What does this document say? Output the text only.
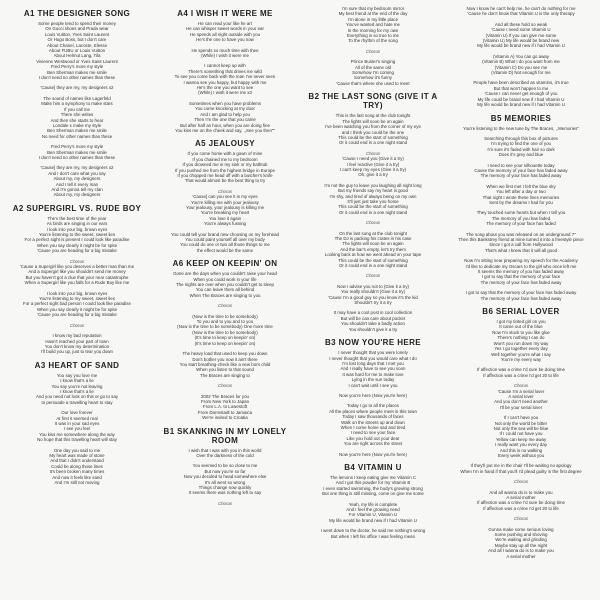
A1 THE DESIGNER SONG
Some people tend to spend their money
On Gucci shoes and Prada wear
Louis Vuitton, Yves Saint Laurent
Or Hugo Boss, but I don't care
About Chanel, Lacoste, Elesse
About FUBU or Louis Vuitton
About Helmut Lang, Tila
Vivienne Westwood or Yves Saint Laurent
Fred Perry's more my style
Ben Sherman makes me smile
I don't need no other names than these
'Cause] they are my, my designers x2
The sound of names like Lagerfeld
Make him a symphony to make stars
If you call me
There she writes
And then she starts to hear
Londale x make my style
Ben Sherman makes me smile
No need for other names than these
Fred Perry's more my style
Ben Sherman makes me smile
I don't need no other names than these
'Cause] they are my, my designers x2
And I don't care what you say
About my, my designers
And I tell it every man
And I'm gonna tell my clan
About my, my designers
A2 SUPERGIRL VS. RUDE BOY
The's the best time of the year
As birds are singing in our ears
I look into your big, brown eyes
You're listening to the sweet, sweet lies
For a perfect sight is present I could look like paradise
When you say clearly it might be for spite
'Cause you are heading for a big mistake
Chorus
'Cause a Supergirl like you deserves a better man than me
And a Supergirl like you shouldn't send me money
But you haven't got a clue that your near catastrophe
When a Supergirl like you falls for a Rude Boy like me
I look into your big, brown eyes
You're listening to my sweet, sweet lies
For a perfect sight bad person I could look like paradise
When you say clearly it might be for spite
'Cause you are heading for a big mistake
Chorus
I know my bad reputation
Hasn't reached your part of town
You don't know my determination
I'll build you up, just to tear you down
A3 HEART OF SAND
You say you love me
I know that's a lie
You say you're not leaving
I know that's a lie
And you need not look on this or go to say
to persuade a travelling heart to stay
Our love forever
At first it seemed real
It was in your sad eyes
I see you feel
You kiss me somewhere along the way
No hope that this travelling heart will stay
One day you said to me
My heart was made of stone
And that I didn't understand
Could be along those lines
It's been broken many times
And now it feels like sand
And I'm still not moving
A4 I WISH IT WERE ME
He can read your like he art
He can whisper sweet words in your ear
He spends all night outside with you
He's the one to have you now
He spends so much time with thee
(While) I wish it were me
I cannot keep up with
There's something that drives me wild
To see you come back with the man I've never seen
I wanna see you happy, but happy with me
He's the one you want to see
(While) I wish it were me x3
Sometimes when you have problems
You come knocking at my door
And I am glad to help you
Then I'm the one that you came
But after half an hour, when you are doing fine
You kiss me on the cheek and say, ,,See you then""
A5 JEALOUSY
If you come home with a gown of mine
If you chained me to my bedroom
If you drowned me in my sink or my bathtub
If you pushed me from the highest bridge in Europe
If you chopped me head off with a butcher's knife
That would almost be the best thing to try
Chorus
'Cause] can you see it in my eyes
You're killing me with your jealousy
Your jealousy, your jealousy is killing me
You're breaking my heart
You lose it again
You're always fussing
You could tell your brand new choosing on my forehead
You could paint yourself all over my body
You could do one or two all those things to me
the effect would be the same
A6 KEEP ON KEEPIN' ON
Gone are the days when you couldn't raise your head
When you could work in your life
The nights are over when you couldn't get to sleep
You can leave them all behind
When The Braces are singing to you
Chorus
(Now is the time to be somebody)
To you and to you and to you
(Now is the time to be somebody) One more time
(Now is the time to be somebody)
(It's time to keep on keepin' on)
(It's time to keep on keepin' on)
The heavy load that used to keep you down
Don't bother you now it ain't there
You start breathing-check like a new born child
When you listen to that sound
The Braces are singing to
Chorus
2002 The Braces for you
From New York to Japan
From L.A. to Lowestoft
From Darmstadt to Jamaica
We're invited to Croatia
B1 SKANKING IN MY LONELY ROOM
I wish that I was with you in this world
Over the darkness of the cold
You seemed to be so close to me
But now you're so far
Now you decided to head somewhere else
It's all went so wrong
Things change now quickly
It seems there was nothing left to say
Chorus
I'm sure that my bedroom mirror
My best friend at the end of the day
I'm alone in my little place
You've wanted and hate me
In the morning for my own
Everything is so true to me
To the rhythm of the song
Chorus
Prince Buster's singing
All of the same old
Somehow I'm coming
Somehow it's funny
'Cause that's where she used to meet
B2 THE LAST SONG (GIVE IT A TRY)
This is the last song at the club tonight
The lights will soon be on again
I've been watching you from the corner of my eye
and I think you could be the one
This could be the start of something
Or it could end in a one night stand
Chorus
'Cause I need you (Give it a try)
I feel reactive (Give it a try)
I can't keep my eyes (Give it a try)
Oh, give it a try
I'm not the guy to leave you laughing all night long
But my friends say my heart is good
I'm shy, and tired of always being on my own
It'll just just take you home
This could be the start of something
Or it could end in a one night stand
Chorus
On the last song at the club tonight
The DJ is packing his crates in his case
The lights will soon be on again
And the bar's empty, let's try them
Looking back at how we went ahead on your tape
This could be the start of something
Or it could end in a one night stand
Chorus
Now I advise you not to (Give it a try)
You really shouldn't (Give it a try)
'Cause I'm a good guy so you know it's the kid
Shouldn't try it a try
It may have a cool post in cool collection
But will be can care about pocket
You shouldn't take a badly action
You shouldn't give it a try
B3 NOW YOU'RE HERE
I never thought that you were lonely
I never thought that you would care what I do
I'm lost long days that I met you
And I really have to see you soon
It was hard for me to make love
Lying in the sun today
I can't wait until I see you
Now you're here (Now you're here)
Today I go to all the places
All the places where people meet in this town
Today I saw thousands of faces
Walk on the streets up and down
When I come home sad and tired
I need to see your face
Like you hold out your dear
You are right across the street
Now you're here (Now you're here)
B4 VITAMIN U
The lemons I keep eating give me Vitamin C
And I got this powder for my Vitamin B
I even started swimming, the body's growing strong
But one thing is still missing, come on give me some
Yeah, my life is complete
And I feel the growing need
For Vitamin U, Vitamin U
My life would be brand new if I had Vitamin U
I went down to the doctor, he said me nothing's wrong
But when I left his office I was feeling mean
Now I know he can't help me, he can't do nothing for me
'Cause he don't know that Vitamin U is the only therapy
And all these hold so weak
'Cause I need some Vitamin U
(Vitamin U) If you can give me some
(Vitamin U) My life would be brand new
My life would be brand new if I had Vitamin U
(Vitamin A) You can go away
(Vitamin B) What I do you want from me
(Vitamin C) Do you see me
(Vitamin D) Not enough for me
People have been described as vitamins, it's true
But that won't happen to me
'Cause I can never get enough of you
My life could be brand new if I had Vitamin U
My life would be brand new if I had Vitamin U
B5 MEMORIES
You're listening to the new tune by The Braces, ,,Memories"
Searching through this box of pictures
I'm trying to find the one of you
I'm sure it's faded with hair so dark
Does it's grey and blue
I need to see your silhouette today
Cause the memory of your face has faded away
The memory of your face has faded away
When we first met I felt the blue sky
You left after a day or two
That night I wrote these lines memories
Sent by the dreams I had for you
They touched some hearts but when I tell you
The memory of you has faded
The memory of your face has faded
The song about you was released on an underground 7"
Then this Bankstrey friend at mine turned it into a freestyle piece
Since I got a call from Hollywood
That's what I knew that it will all good
Now I'm sitting near preparing my speech for the Academy
I'd like to dedicate my Oscars to the girl who once left me
It seems the memory of you has faded away
I got to say that the memory of your face
The memory of your face has faded away
I got to say that the memory of your face has faded away
The memory of your face has faded away
B6 SERIAL LOVER
I got my tinted girl on you
It came out of the blue
Now I'm stuck to you like glue
There's nothing I can do
Won't you run down my way
Yes I go together every day
Well together you're what I say
You're my every way
If affection was a crime I'd sure be doing time
If affection was a crime I'd get 20 to life
Chorus
'Cause I'm a serial lover
A serial lover
And you don't need another
I'll be your serial lover
If I can't have you
Not only the world be bitter
Not only the sea will be blue
If I could not have you
Yellow can keep me away
I really want you every day
And this is no walking
Every week without you
If they'll put me in the chair I'll be waiting no apology
When I'm in hand if that you'll I'd plead guilty in the first degree
Chorus
And all wanna do is to make you
A serial mother
If affection was a crime I'd sure be doing time
If affection was a crime I'd get 20 to life
Chorus
Gonna make some serious loving
Some pushing and shoving
We're waiting and grinding
Maybe stay up all the night
And all I wanna do is to make you
A serial mother
